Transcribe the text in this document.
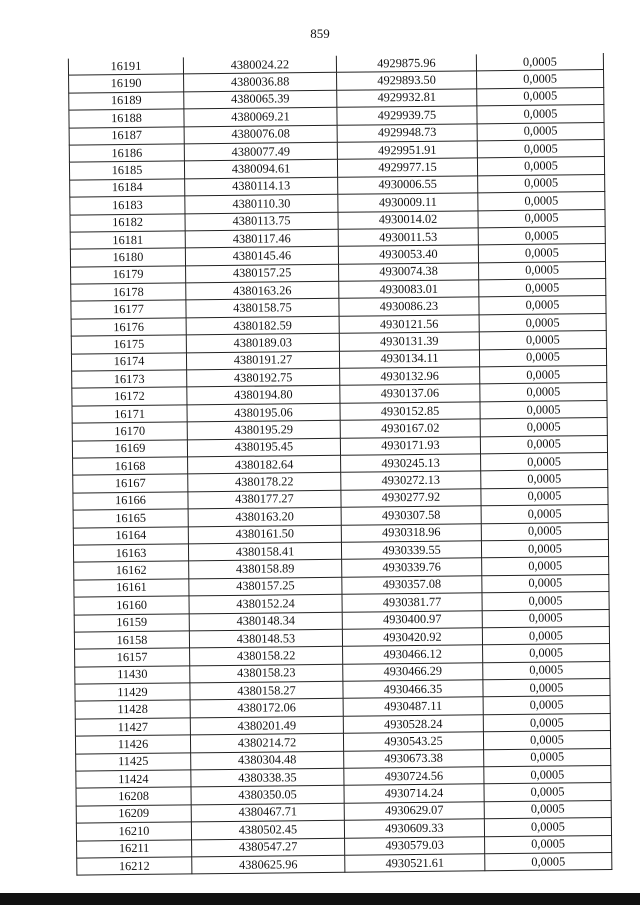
859
16191	4380024.22	4929875.96	0,0005
16190	4380036.88	4929893.50	0,0005
16189	4380065.39	4929932.81	0,0005
16188	4380069.21	4929939.75	0,0005
16187	4380076.08	4929948.73	0,0005
16186	4380077.49	4929951.91	0,0005
16185	4380094.61	4929977.15	0,0005
16184	4380114.13	4930006.55	0,0005
16183	4380110.30	4930009.11	0,0005
16182	4380113.75	4930014.02	0,0005
16181	4380117.46	4930011.53	0,0005
16180	4380145.46	4930053.40	0,0005
16179	4380157.25	4930074.38	0,0005
16178	4380163.26	4930083.01	0,0005
16177	4380158.75	4930086.23	0,0005
16176	4380182.59	4930121.56	0,0005
16175	4380189.03	4930131.39	0,0005
16174	4380191.27	4930134.11	0,0005
16173	4380192.75	4930132.96	0,0005
16172	4380194.80	4930137.06	0,0005
16171	4380195.06	4930152.85	0,0005
16170	4380195.29	4930167.02	0,0005
16169	4380195.45	4930171.93	0,0005
16168	4380182.64	4930245.13	0,0005
16167	4380178.22	4930272.13	0,0005
16166	4380177.27	4930277.92	0,0005
16165	4380163.20	4930307.58	0,0005
16164	4380161.50	4930318.96	0,0005
16163	4380158.41	4930339.55	0,0005
16162	4380158.89	4930339.76	0,0005
16161	4380157.25	4930357.08	0,0005
16160	4380152.24	4930381.77	0,0005
16159	4380148.34	4930400.97	0,0005
16158	4380148.53	4930420.92	0,0005
16157	4380158.22	4930466.12	0,0005
11430	4380158.23	4930466.29	0,0005
11429	4380158.27	4930466.35	0,0005
11428	4380172.06	4930487.11	0,0005
11427	4380201.49	4930528.24	0,0005
11426	4380214.72	4930543.25	0,0005
11425	4380304.48	4930673.38	0,0005
11424	4380338.35	4930724.56	0,0005
16208	4380350.05	4930714.24	0,0005
16209	4380467.71	4930629.07	0,0005
16210	4380502.45	4930609.33	0,0005
16211	4380547.27	4930579.03	0,0005
16212	4380625.96	4930521.61	0,0005
